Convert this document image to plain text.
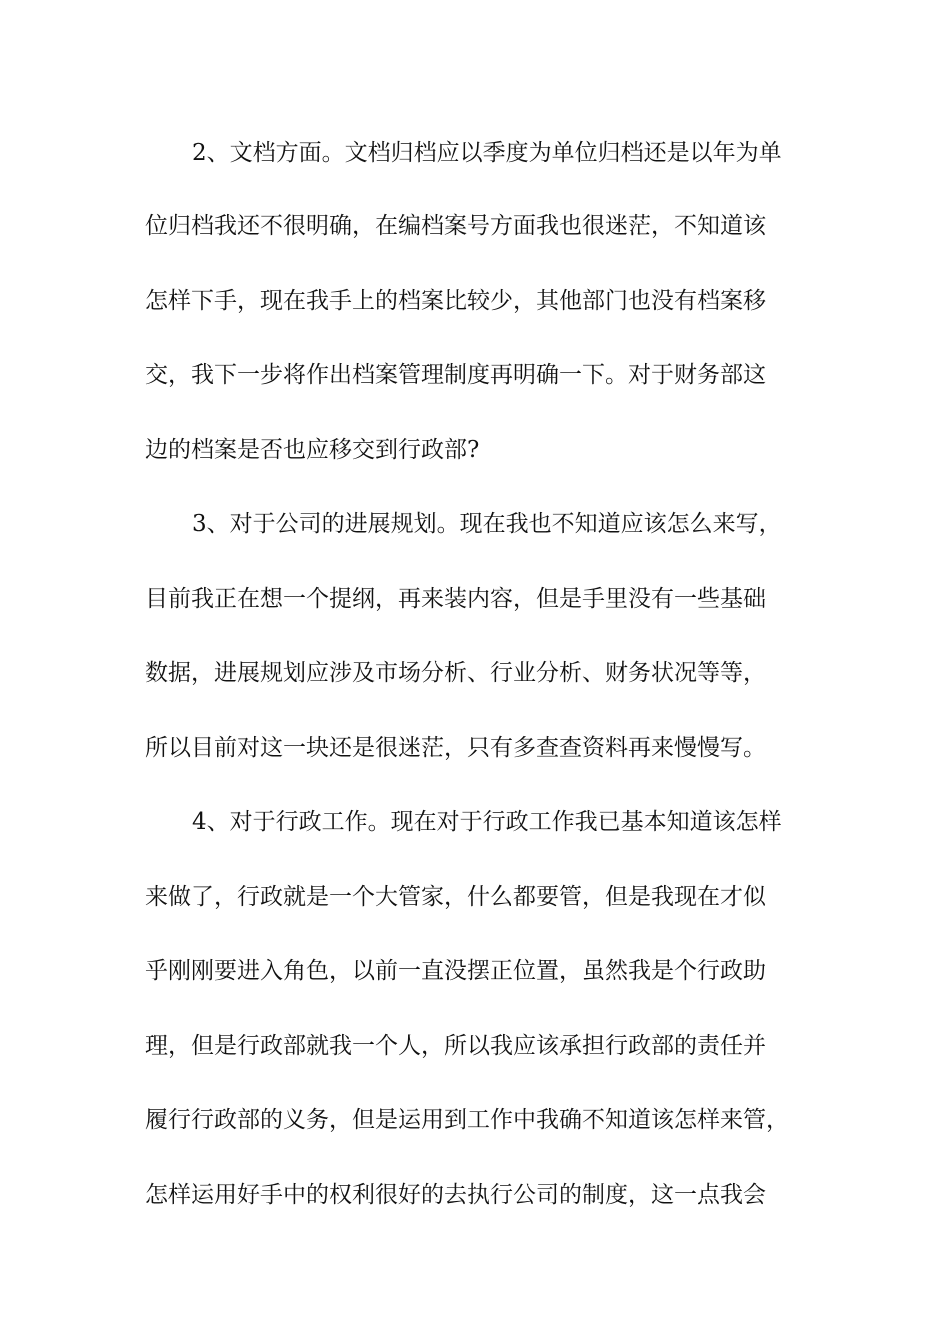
2、文档方面。文档归档应以季度为单位归档还是以年为单
位归档我还不很明确，在编档案号方面我也很迷茫，不知道该
怎样下手，现在我手上的档案比较少，其他部门也没有档案移
交，我下一步将作出档案管理制度再明确一下。对于财务部这
边的档案是否也应移交到行政部?
3、对于公司的进展规划。现在我也不知道应该怎么来写，
目前我正在想一个提纲，再来装内容，但是手里没有一些基础
数据，进展规划应涉及市场分析、行业分析、财务状况等等，
所以目前对这一块还是很迷茫，只有多查查资料再来慢慢写。
4、对于行政工作。现在对于行政工作我已基本知道该怎样
来做了，行政就是一个大管家，什么都要管，但是我现在才似
乎刚刚要进入角色，以前一直没摆正位置，虽然我是个行政助
理，但是行政部就我一个人，所以我应该承担行政部的责任并
履行行政部的义务，但是运用到工作中我确不知道该怎样来管，
怎样运用好手中的权利很好的去执行公司的制度，这一点我会
